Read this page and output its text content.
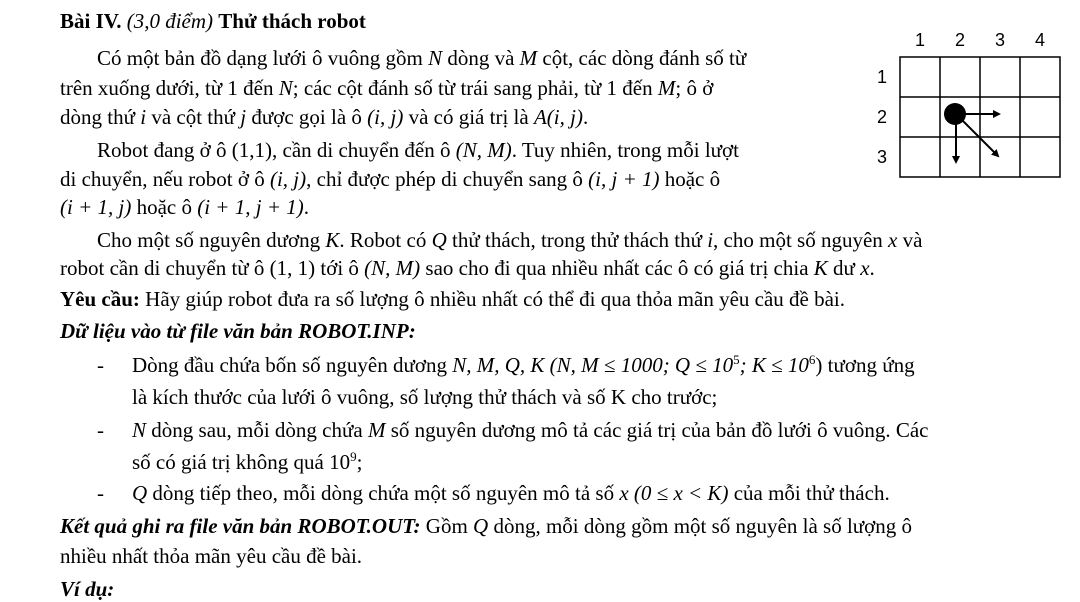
Bài IV. (3,0 điểm) Thử thách robot
Có một bản đồ dạng lưới ô vuông gồm N dòng và M cột, các dòng đánh số từ
trên xuống dưới, từ 1 đến N; các cột đánh số từ trái sang phải, từ 1 đến M; ô ở
dòng thứ i và cột thứ j được gọi là ô (i, j) và có giá trị là A(i, j).
Robot đang ở ô (1,1), cần di chuyển đến ô (N, M). Tuy nhiên, trong mỗi lượt
di chuyển, nếu robot ở ô (i, j), chỉ được phép di chuyển sang ô (i, j + 1) hoặc ô
(i + 1, j) hoặc ô (i + 1, j + 1).
Cho một số nguyên dương K. Robot có Q thử thách, trong thử thách thứ i, cho một số nguyên x và
robot cần di chuyển từ ô (1, 1) tới ô (N, M) sao cho đi qua nhiều nhất các ô có giá trị chia K dư x.
Yêu cầu: Hãy giúp robot đưa ra số lượng ô nhiều nhất có thể đi qua thỏa mãn yêu cầu đề bài.
Dữ liệu vào từ file văn bản ROBOT.INP:
- Dòng đầu chứa bốn số nguyên dương N, M, Q, K (N, M ≤ 1000; $Q \le 10^5$; $K \le 10^6$) tương ứng
là kích thước của lưới ô vuông, số lượng thử thách và số K cho trước;
- N dòng sau, mỗi dòng chứa M số nguyên dương mô tả các giá trị của bản đồ lưới ô vuông. Các
số có giá trị không quá $10^9$;
- Q dòng tiếp theo, mỗi dòng chứa một số nguyên mô tả số x (0 ≤ x < K) của mỗi thử thách.
Kết quả ghi ra file văn bản ROBOT.OUT: Gồm Q dòng, mỗi dòng gồm một số nguyên là số lượng ô
nhiều nhất thỏa mãn yêu cầu đề bài.
Ví dụ:
1 2 3 4
1
2
3
